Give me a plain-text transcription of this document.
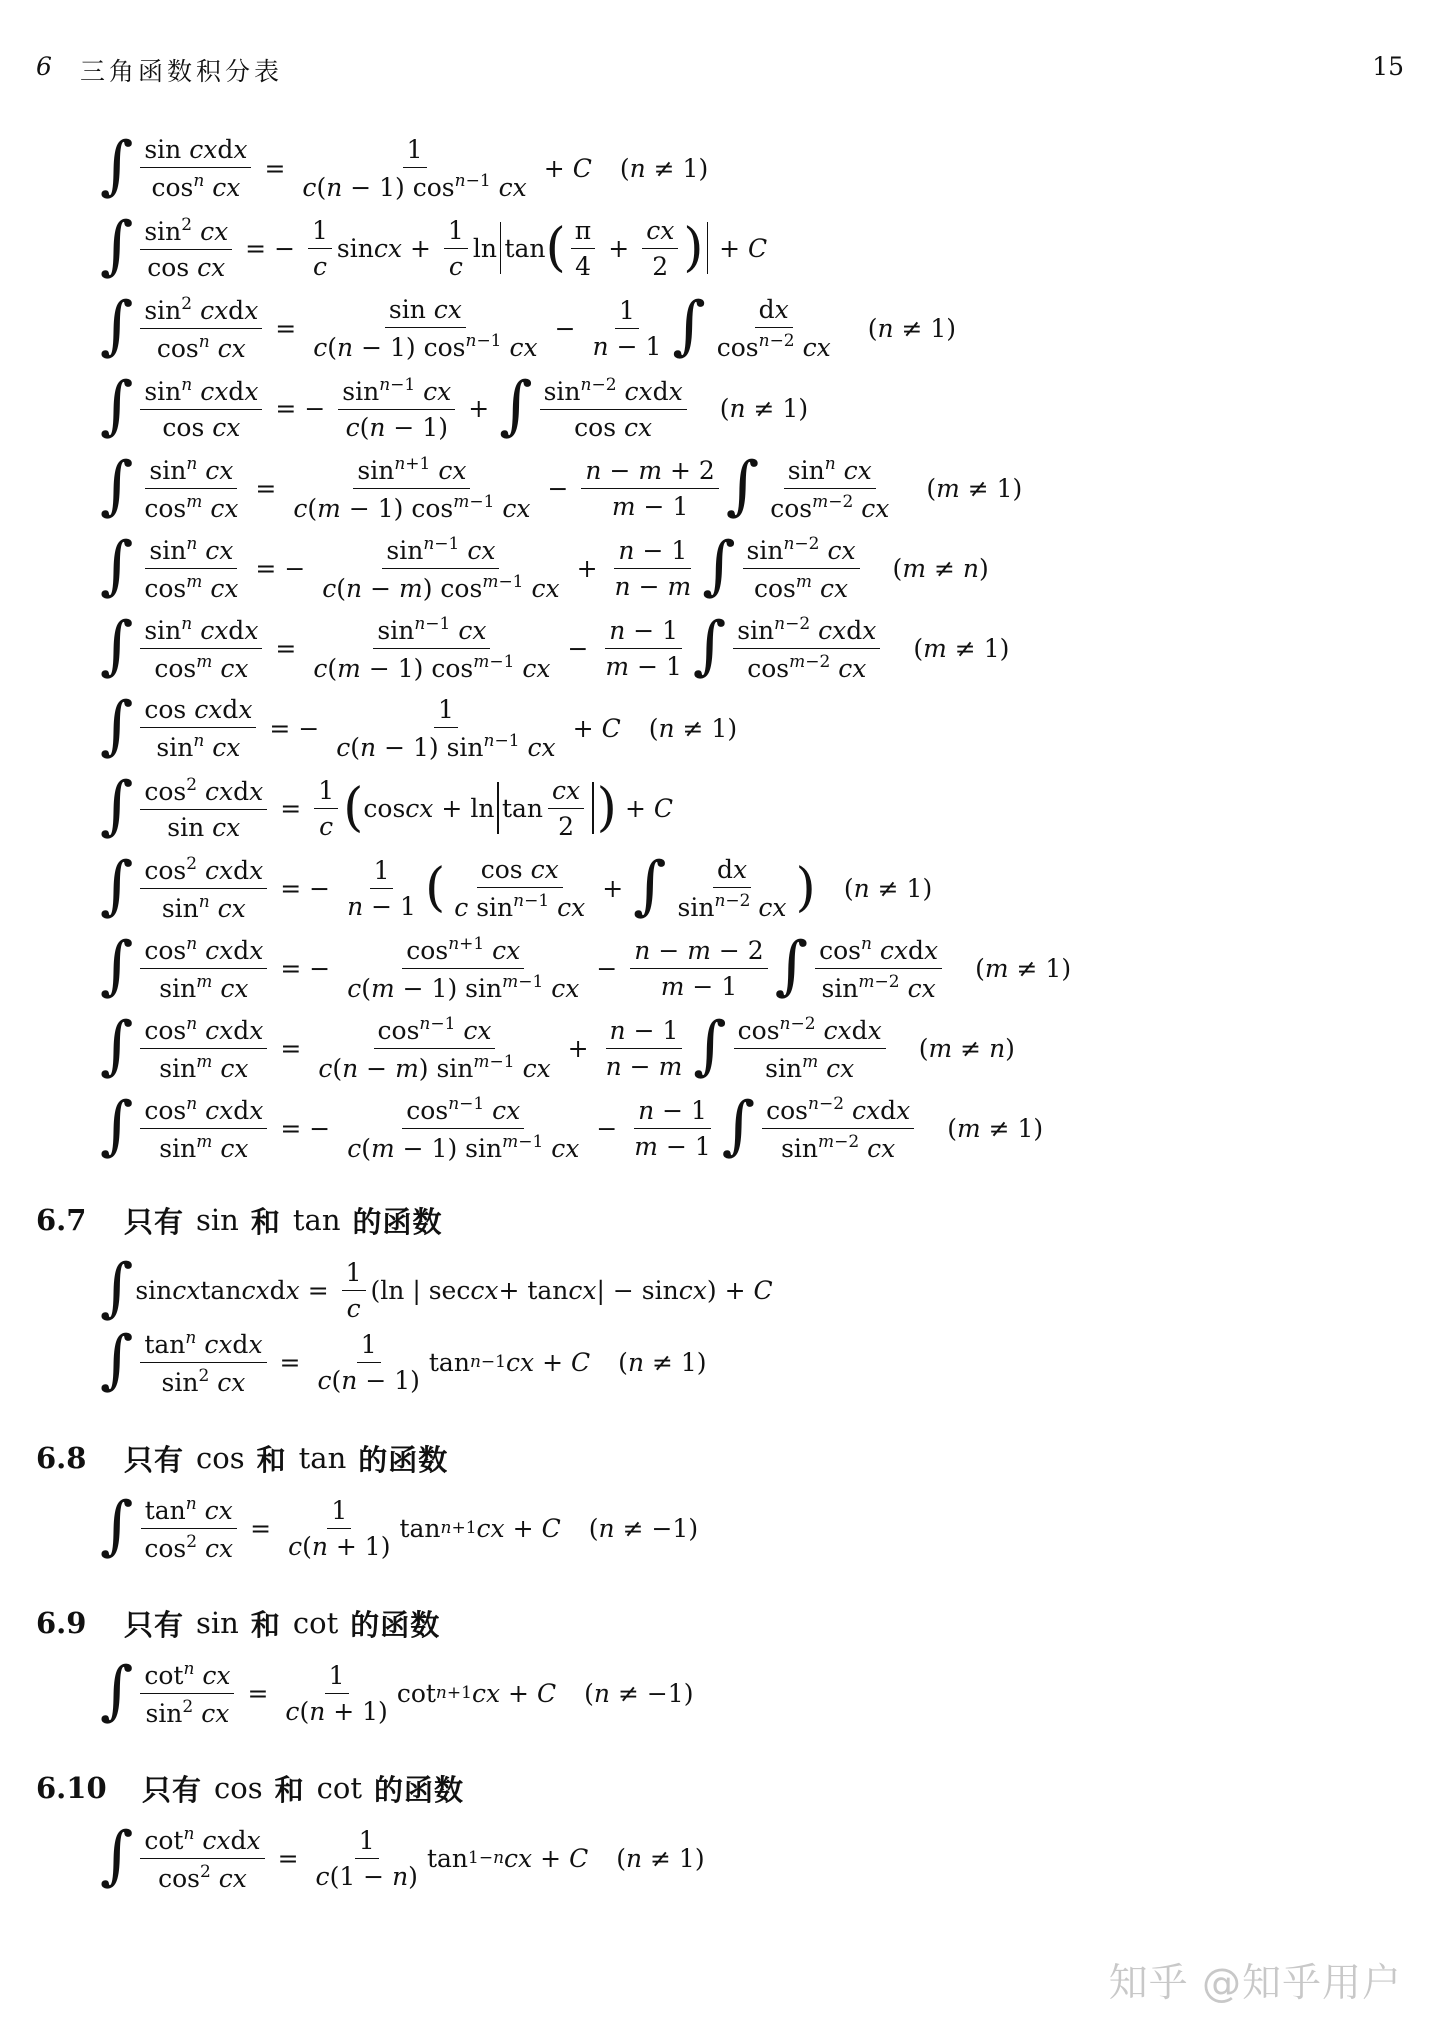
6 三角函数积分表	15
∫ $\frac{\text{sin cxdx}}{\cos^n cx} = \frac{1}{c(n - 1) \cos^{n-1} cx} + C$ (n ≠ 1)
∫ $\frac{\sin^2 cx}{\text{cos cx}}$ = − $\frac{1}{c}$ sin cx + $\frac{1}{c}$ ln tan ( $\frac{\pi}{4} + \frac{cx}{2}$ ) + C
∫ $\frac{\sin^2 cxdx}{\cos^n cx} = \frac{\text{sin cx}}{c(n - 1) \cos^{n-1} cx} - \frac{1}{n - 1}$ ∫ $\frac{dx}{\cos^{n-2} cx} (n \ne 1)$
∫ $\frac{\sin^n cxdx}{\text{cos cx}}$ = − $\frac{\sin^{n-1} cx}{c(n - 1)}$ + ∫ $\frac{\sin^{n-2} cxdx}{\text{cos cx}} (n \ne 1)$
∫ $\frac{\sin^n cx}{\cos^m cx} = \frac{\sin^{n+1} cx}{c(m - 1) \cos^{m-1} cx} - \frac{n - m + 2}{m - 1}$ ∫ $\frac{\sin^n cx}{\cos^{m-2} cx} (m \ne 1)$
∫ $\frac{\sin^n cx}{\cos^m cx}$ = − $\frac{\sin^{n-1} cx}{c(n - m) \cos^{m-1} cx} + \frac{n - 1}{n - m}$ ∫ $\frac{\sin^{n-2} cx}{\cos^m cx} (m \ne n)$
∫ $\frac{\sin^n cxdx}{\cos^m cx} = \frac{\sin^{n-1} cx}{c(m - 1) \cos^{m-1} cx} - \frac{n - 1}{m - 1}$ ∫ $\frac{\sin^{n-2} cxdx}{\cos^{m-2} cx} (m \ne 1)$
∫ $\frac{\text{cos cxdx}}{\sin^n cx}$ = − $\frac{1}{c(n - 1) \sin^{n-1} cx} + C$ (n ≠ 1)
∫ $\frac{\cos^2 cxdx}{\text{sin cx}} = \frac{1}{c}$ ( cos cx + $\ln \tan \frac{cx}{2}$ ) + C
∫ $\frac{\cos^2 cxdx}{\sin^n cx}$ = − $\frac{1}{n - 1}$ ( $\frac{\text{cos cx}}{c \sin^{n-1} cx}$ + ∫ $\frac{dx}{\sin^{n-2} cx}$ ) (n ≠ 1)
∫ $\frac{\cos^n cxdx}{\sin^m cx}$ = − $\frac{\cos^{n+1} cx}{c(m - 1) \sin^{m-1} cx} - \frac{n - m - 2}{m - 1}$ ∫ $\frac{\cos^n cxdx}{\sin^{m-2} cx} (m \ne 1)$
∫ $\frac{\cos^n cxdx}{\sin^m cx} = \frac{\cos^{n-1} cx}{c(n - m) \sin^{m-1} cx} + \frac{n - 1}{n - m}$ ∫ $\frac{\cos^{n-2} cxdx}{\sin^m cx} (m \ne n)$
∫ $\frac{\cos^n cxdx}{\sin^m cx}$ = − $\frac{\cos^{n-1} cx}{c(m - 1) \sin^{m-1} cx} - \frac{n - 1}{m - 1}$ ∫ $\frac{\cos^{n-2} cxdx}{\sin^{m-2} cx} (m \ne 1)$
6.7	只有 sin 和 tan 的函数
∫ sin cx tan cx d $x = \frac{1}{c} (\ln$ | sec cx + tan cx | − sin cx ) + C
∫ $\frac{\tan^n cxdx}{\sin^2 cx} = \frac{1}{c(n - 1)}$ tan n−1 cx + C (n ≠ 1)
6.8	只有 cos 和 tan 的函数
∫ $\frac{\tan^n cx}{\cos^2 cx} = \frac{1}{c(n + 1)}$ tan n+1 cx + C (n ≠ −1)
6.9	只有 sin 和 cot 的函数
∫ $\frac{\cot^n cx}{\sin^2 cx} = \frac{1}{c(n + 1)}$ cot n+1 cx + C (n ≠ −1)
6.10	只有 cos 和 cot 的函数
∫ $\frac{\cot^n cxdx}{\cos^2 cx} = \frac{1}{c(1 - n)}$ tan 1−n cx + C (n ≠ 1)
知乎 @知乎用户
